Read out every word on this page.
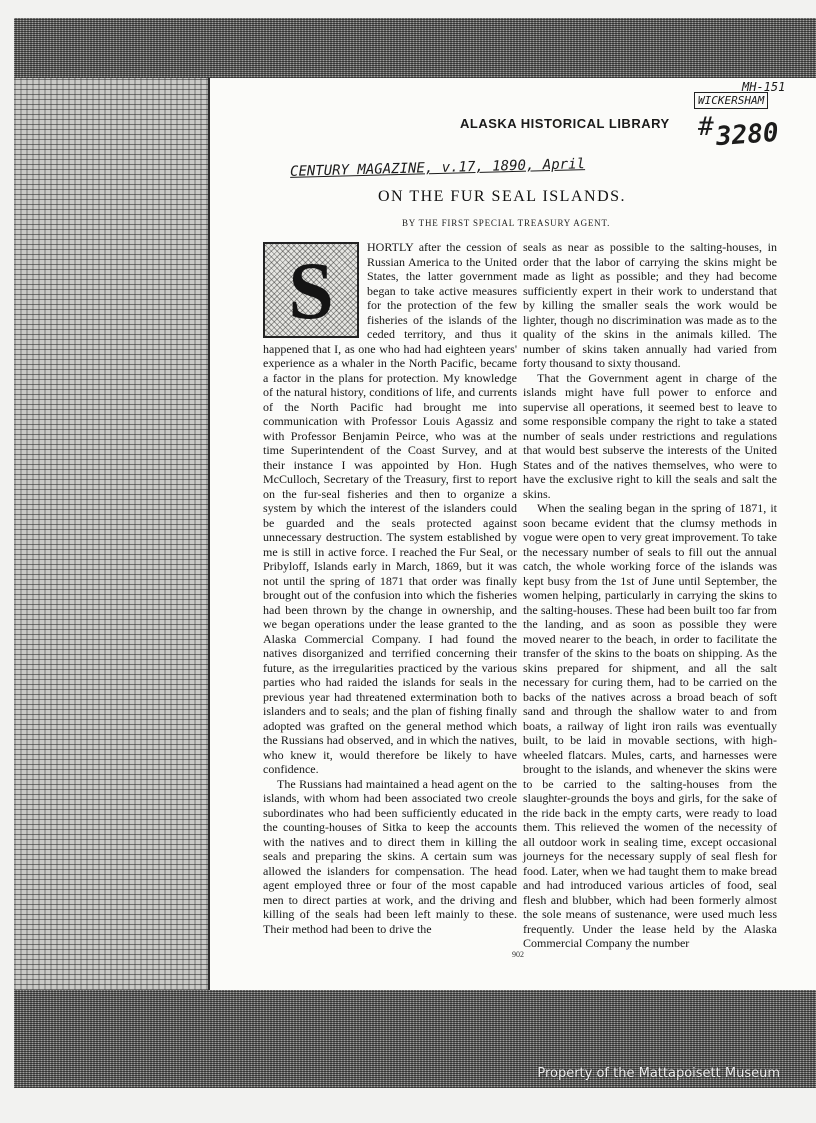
ALASKA HISTORICAL LIBRARY
MH-151
WICKERSHAM
# 3280
CENTURY MAGAZINE, v.17, 1890, April
ON THE FUR SEAL ISLANDS.
BY THE FIRST SPECIAL TREASURY AGENT.
S	HORTLY after the cession of Russian America to the United States, the latter government began to take active measures for the protection of the few fisheries of the islands of the ceded territory, and thus it happened that I, as one who had had eighteen years' experience as a whaler in the North Pacific, became a factor in the plans for protection. My knowledge of the natural history, conditions of life, and currents of the North Pacific had brought me into communication with Professor Louis Agassiz and with Professor Benjamin Peirce, who was at the time Superintendent of the Coast Survey, and at their instance I was appointed by Hon. Hugh McCulloch, Secretary of the Treasury, first to report on the fur-seal fisheries and then to organize a system by which the interest of the islanders could be guarded and the seals protected against unnecessary destruction. The system established by me is still in active force. I reached the Fur Seal, or Pribyloff, Islands early in March, 1869, but it was not until the spring of 1871 that order was finally brought out of the confusion into which the fisheries had been thrown by the change in ownership, and we began operations under the lease granted to the Alaska Commercial Company. I had found the natives disorganized and terrified concerning their future, as the irregularities practiced by the various parties who had raided the islands for seals in the previous year had threatened extermination both to islanders and to seals; and the plan of fishing finally adopted was grafted on the general method which the Russians had observed, and in which the natives, who knew it, would therefore be likely to have confidence.

The Russians had maintained a head agent on the islands, with whom had been associated two creole subordinates who had been sufficiently educated in the counting-houses of Sitka to keep the accounts with the natives and to direct them in killing the seals and preparing the skins. A certain sum was allowed the islanders for compensation. The head agent employed three or four of the most capable men to direct parties at work, and the driving and killing of the seals had been left mainly to these. Their method had been to drive the

seals as near as possible to the salting-houses, in order that the labor of carrying the skins might be made as light as possible; and they had become sufficiently expert in their work to understand that by killing the smaller seals the work would be lighter, though no discrimination was made as to the quality of the skins in the animals killed. The number of skins taken annually had varied from forty thousand to sixty thousand.

That the Government agent in charge of the islands might have full power to enforce and supervise all operations, it seemed best to leave to some responsible company the right to take a stated number of seals under restrictions and regulations that would best subserve the interests of the United States and of the natives themselves, who were to have the exclusive right to kill the seals and salt the skins.

When the sealing began in the spring of 1871, it soon became evident that the clumsy methods in vogue were open to very great improvement. To take the necessary number of seals to fill out the annual catch, the whole working force of the islands was kept busy from the 1st of June until September, the women helping, particularly in carrying the skins to the salting-houses. These had been built too far from the landing, and as soon as possible they were moved nearer to the beach, in order to facilitate the transfer of the skins to the boats on shipping. As the skins prepared for shipment, and all the salt necessary for curing them, had to be carried on the backs of the natives across a broad beach of soft sand and through the shallow water to and from boats, a railway of light iron rails was eventually built, to be laid in movable sections, with high-wheeled flatcars. Mules, carts, and harnesses were brought to the islands, and whenever the skins were to be carried to the salting-houses from the slaughter-grounds the boys and girls, for the sake of the ride back in the empty carts, were ready to load them. This relieved the women of the necessity of all outdoor work in sealing time, except occasional journeys for the necessary supply of seal flesh for food. Later, when we had taught them to make bread and had introduced various articles of food, seal flesh and blubber, which had been formerly almost the sole means of sustenance, were used much less frequently. Under the lease held by the Alaska Commercial Company the number

902
Property of the Mattapoisett Museum
